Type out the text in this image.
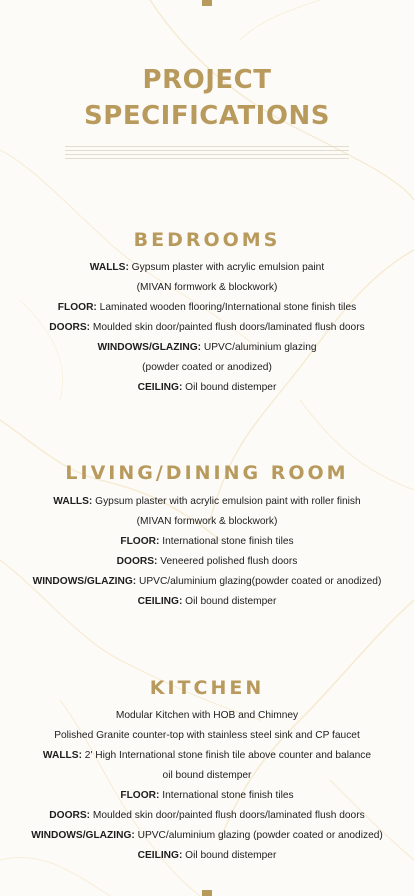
PROJECT
SPECIFICATIONS
BEDROOMS
WALLS: Gypsum plaster with acrylic emulsion paint
(MIVAN formwork & blockwork)
FLOOR: Laminated wooden flooring/International stone finish tiles
DOORS: Moulded skin door/painted flush doors/laminated flush doors
WINDOWS/GLAZING: UPVC/aluminium glazing
(powder coated or anodized)
CEILING: Oil bound distemper
LIVING/DINING ROOM
WALLS: Gypsum plaster with acrylic emulsion paint with roller finish
(MIVAN formwork & blockwork)
FLOOR: International stone finish tiles
DOORS: Veneered polished flush doors
WINDOWS/GLAZING: UPVC/aluminium glazing(powder coated or anodized)
CEILING: Oil bound distemper
KITCHEN
Modular Kitchen with HOB and Chimney
Polished Granite counter-top with stainless steel sink and CP faucet
WALLS: 2' High International stone finish tile above counter and balance
oil bound distemper
FLOOR: International stone finish tiles
DOORS: Moulded skin door/painted flush doors/laminated flush doors
WINDOWS/GLAZING: UPVC/aluminium glazing (powder coated or anodized)
CEILING: Oil bound distemper
